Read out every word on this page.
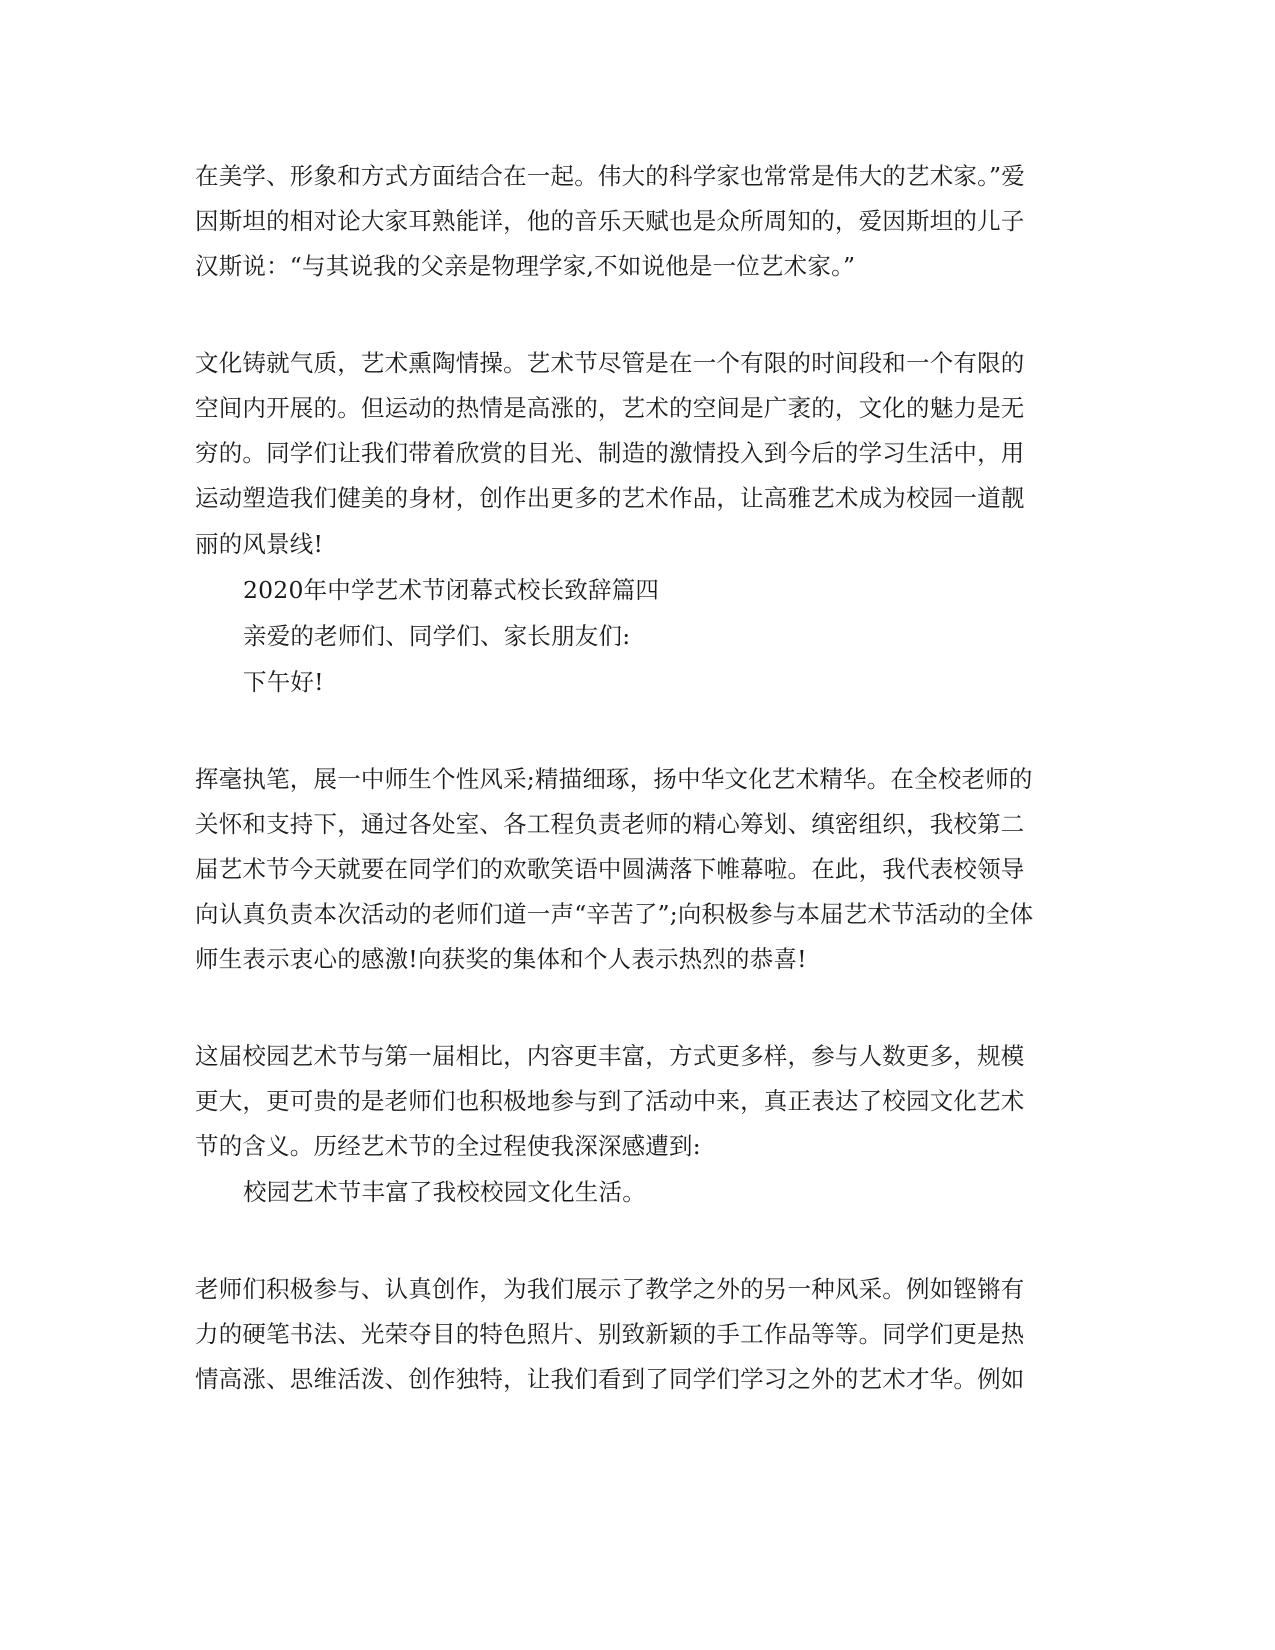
在美学、形象和方式方面结合在一起。伟大的科学家也常常是伟大的艺术家。”爱

因斯坦的相对论大家耳熟能详，他的音乐天赋也是众所周知的，爱因斯坦的儿子

汉斯说：“与其说我的父亲是物理学家,不如说他是一位艺术家。”

文化铸就气质，艺术熏陶情操。艺术节尽管是在一个有限的时间段和一个有限的

空间内开展的。但运动的热情是高涨的，艺术的空间是广袤的，文化的魅力是无

穷的。同学们让我们带着欣赏的目光、制造的激情投入到今后的学习生活中，用

运动塑造我们健美的身材，创作出更多的艺术作品，让高雅艺术成为校园一道靓

丽的风景线!

2020年中学艺术节闭幕式校长致辞篇四

亲爱的老师们、同学们、家长朋友们:

下午好!

挥毫执笔，展一中师生个性风采;精描细琢，扬中华文化艺术精华。在全校老师的

关怀和支持下，通过各处室、各工程负责老师的精心筹划、缜密组织，我校第二

届艺术节今天就要在同学们的欢歌笑语中圆满落下帷幕啦。在此，我代表校领导

向认真负责本次活动的老师们道一声“辛苦了”;向积极参与本届艺术节活动的全体

师生表示衷心的感激!向获奖的集体和个人表示热烈的恭喜!

这届校园艺术节与第一届相比，内容更丰富，方式更多样，参与人数更多，规模

更大，更可贵的是老师们也积极地参与到了活动中来，真正表达了校园文化艺术

节的含义。历经艺术节的全过程使我深深感遭到:

校园艺术节丰富了我校校园文化生活。

老师们积极参与、认真创作，为我们展示了教学之外的另一种风采。例如铿锵有

力的硬笔书法、光荣夺目的特色照片、别致新颖的手工作品等等。同学们更是热

情高涨、思维活泼、创作独特，让我们看到了同学们学习之外的艺术才华。例如
